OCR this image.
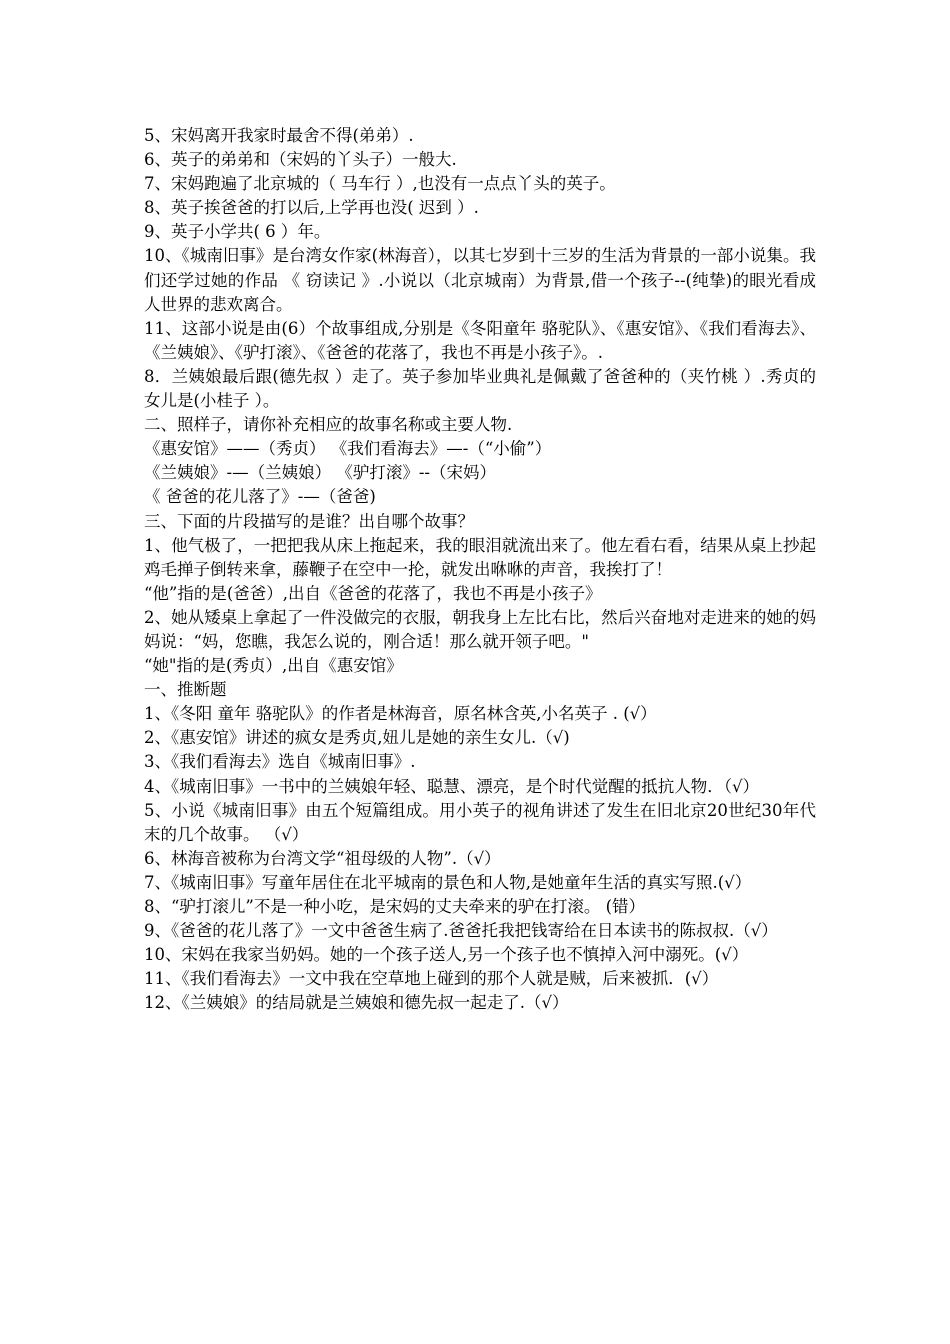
5、宋妈离开我家时最舍不得(弟弟）.

6、英子的弟弟和（宋妈的丫头子）一般大.

7、宋妈跑遍了北京城的（ 马车行 ）,也没有一点点丫头的英子。

8、英子挨爸爸的打以后,上学再也没( 迟到 ）.

9、英子小学共( 6 ）年。

10、《城南旧事》是台湾女作家(林海音），以其七岁到十三岁的生活为背景的一部小说集。我们还学过她的作品 《 窃读记 》.小说以（北京城南）为背景,借一个孩子--(纯挚)的眼光看成人世界的悲欢离合。

11、这部小说是由(6）个故事组成,分别是《冬阳童年 骆驼队》、《惠安馆》、《我们看海去》、《兰姨娘》、《驴打滚》、《爸爸的花落了，我也不再是小孩子》。.

8．兰姨娘最后跟(德先叔 ）走了。英子参加毕业典礼是佩戴了爸爸种的（夹竹桃 ）.秀贞的女儿是(小桂子 ）。

二、照样子，请你补充相应的故事名称或主要人物.

《惠安馆》——（秀贞） 《我们看海去》—-（“小偷”）

《兰姨娘》-—（兰姨娘） 《驴打滚》--（宋妈）

《 爸爸的花儿落了》-—（爸爸)

三、下面的片段描写的是谁？出自哪个故事？

1、他气极了，一把把我从床上拖起来，我的眼泪就流出来了。他左看右看，结果从桌上抄起鸡毛掸子倒转来拿，藤鞭子在空中一抡，就发出咻咻的声音，我挨打了！

“他”指的是(爸爸）,出自《爸爸的花落了，我也不再是小孩子》

2、她从矮桌上拿起了一件没做完的衣服，朝我身上左比右比，然后兴奋地对走进来的她的妈妈说：“妈，您瞧，我怎么说的，刚合适！那么就开领子吧。"

“她"指的是(秀贞）,出自《惠安馆》

一、推断题

1、《冬阳 童年 骆驼队》的作者是林海音，原名林含英,小名英子 . (√）

2、《惠安馆》讲述的疯女是秀贞,妞儿是她的亲生女儿.（√)

3、《我们看海去》选自《城南旧事》.

4、《城南旧事》一书中的兰姨娘年轻、聪慧、漂亮，是个时代觉醒的抵抗人物．（√）

5、小说《城南旧事》由五个短篇组成。用小英子的视角讲述了发生在旧北京20世纪30年代末的几个故事。 （√）

6、林海音被称为台湾文学“祖母级的人物”.（√）

7、《城南旧事》写童年居住在北平城南的景色和人物,是她童年生活的真实写照.(√）

8、“驴打滚儿”不是一种小吃，是宋妈的丈夫牵来的驴在打滚。 (错）

9、《爸爸的花儿落了》一文中爸爸生病了.爸爸托我把钱寄给在日本读书的陈叔叔.（√）

10、宋妈在我家当奶妈。她的一个孩子送人,另一个孩子也不慎掉入河中溺死。(√）

11、《我们看海去》一文中我在空草地上碰到的那个人就是贼，后来被抓．(√）

12、《兰姨娘》的结局就是兰姨娘和德先叔一起走了.（√）
